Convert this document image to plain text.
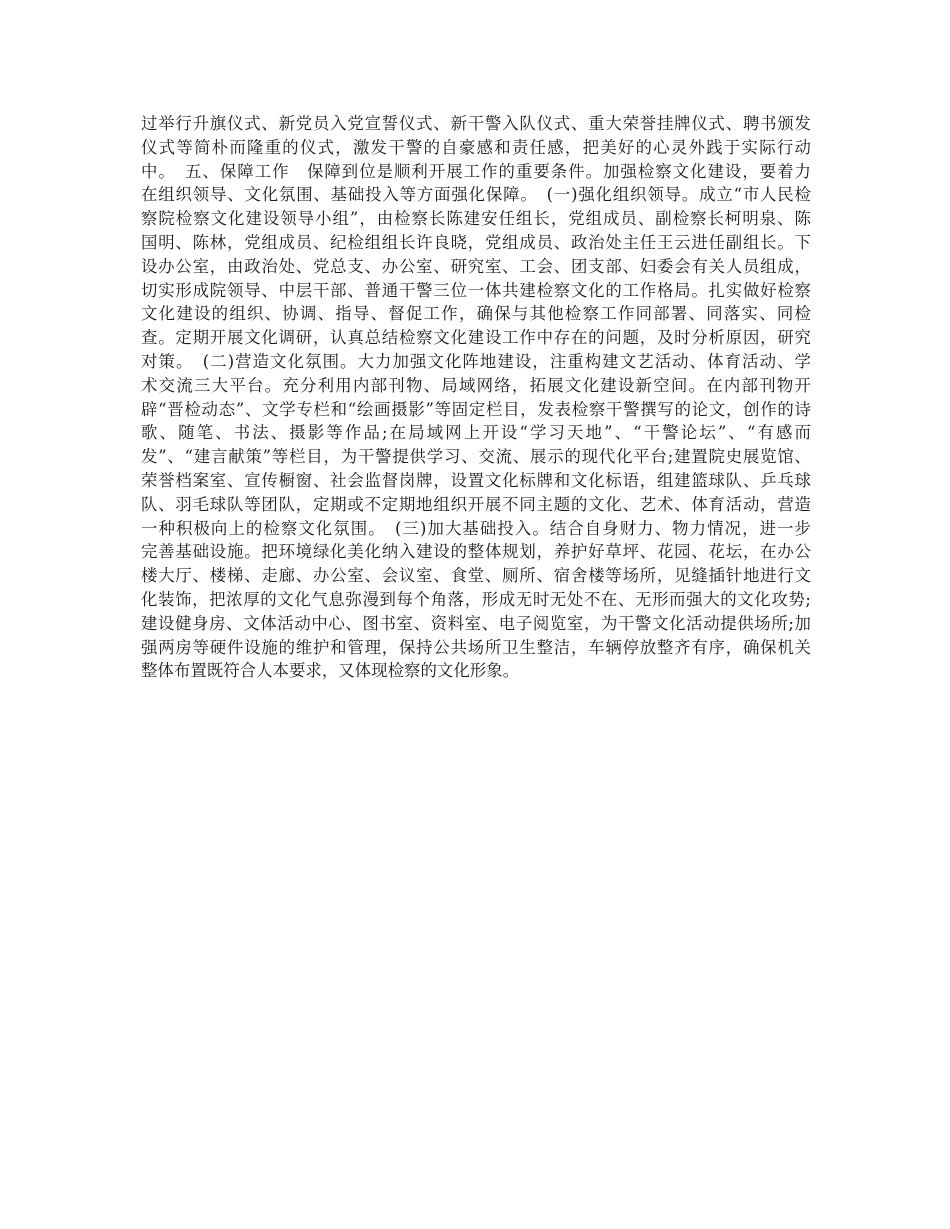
过举行升旗仪式、新党员入党宣誓仪式、新干警入队仪式、重大荣誉挂牌仪式、聘书颁发
仪式等简朴而隆重的仪式，激发干警的自豪感和责任感，把美好的心灵外践于实际行动
中。　五、保障工作　保障到位是顺利开展工作的重要条件。加强检察文化建设，要着力
在组织领导、文化氛围、基础投入等方面强化保障。　(一)强化组织领导。成立“市人民检
察院检察文化建设领导小组”，由检察长陈建安任组长，党组成员、副检察长柯明泉、陈
国明、陈林，党组成员、纪检组组长许良晓，党组成员、政治处主任王云进任副组长。下
设办公室，由政治处、党总支、办公室、研究室、工会、团支部、妇委会有关人员组成，
切实形成院领导、中层干部、普通干警三位一体共建检察文化的工作格局。扎实做好检察
文化建设的组织、协调、指导、督促工作，确保与其他检察工作同部署、同落实、同检
查。定期开展文化调研，认真总结检察文化建设工作中存在的问题，及时分析原因，研究
对策。　(二)营造文化氛围。大力加强文化阵地建设，注重构建文艺活动、体育活动、学
术交流三大平台。充分利用内部刊物、局域网络，拓展文化建设新空间。在内部刊物开
辟“晋检动态”、文学专栏和“绘画摄影”等固定栏目，发表检察干警撰写的论文，创作的诗
歌、随笔、书法、摄影等作品;在局域网上开设“学习天地”、“干警论坛”、“有感而
发”、“建言献策”等栏目，为干警提供学习、交流、展示的现代化平台;建置院史展览馆、
荣誉档案室、宣传橱窗、社会监督岗牌，设置文化标牌和文化标语，组建篮球队、乒乓球
队、羽毛球队等团队，定期或不定期地组织开展不同主题的文化、艺术、体育活动，营造
一种积极向上的检察文化氛围。　(三)加大基础投入。结合自身财力、物力情况，进一步
完善基础设施。把环境绿化美化纳入建设的整体规划，养护好草坪、花园、花坛，在办公
楼大厅、楼梯、走廊、办公室、会议室、食堂、厕所、宿舍楼等场所，见缝插针地进行文
化装饰，把浓厚的文化气息弥漫到每个角落，形成无时无处不在、无形而强大的文化攻势;
建设健身房、文体活动中心、图书室、资料室、电子阅览室，为干警文化活动提供场所;加
强两房等硬件设施的维护和管理，保持公共场所卫生整洁，车辆停放整齐有序，确保机关
整体布置既符合人本要求，又体现检察的文化形象。
